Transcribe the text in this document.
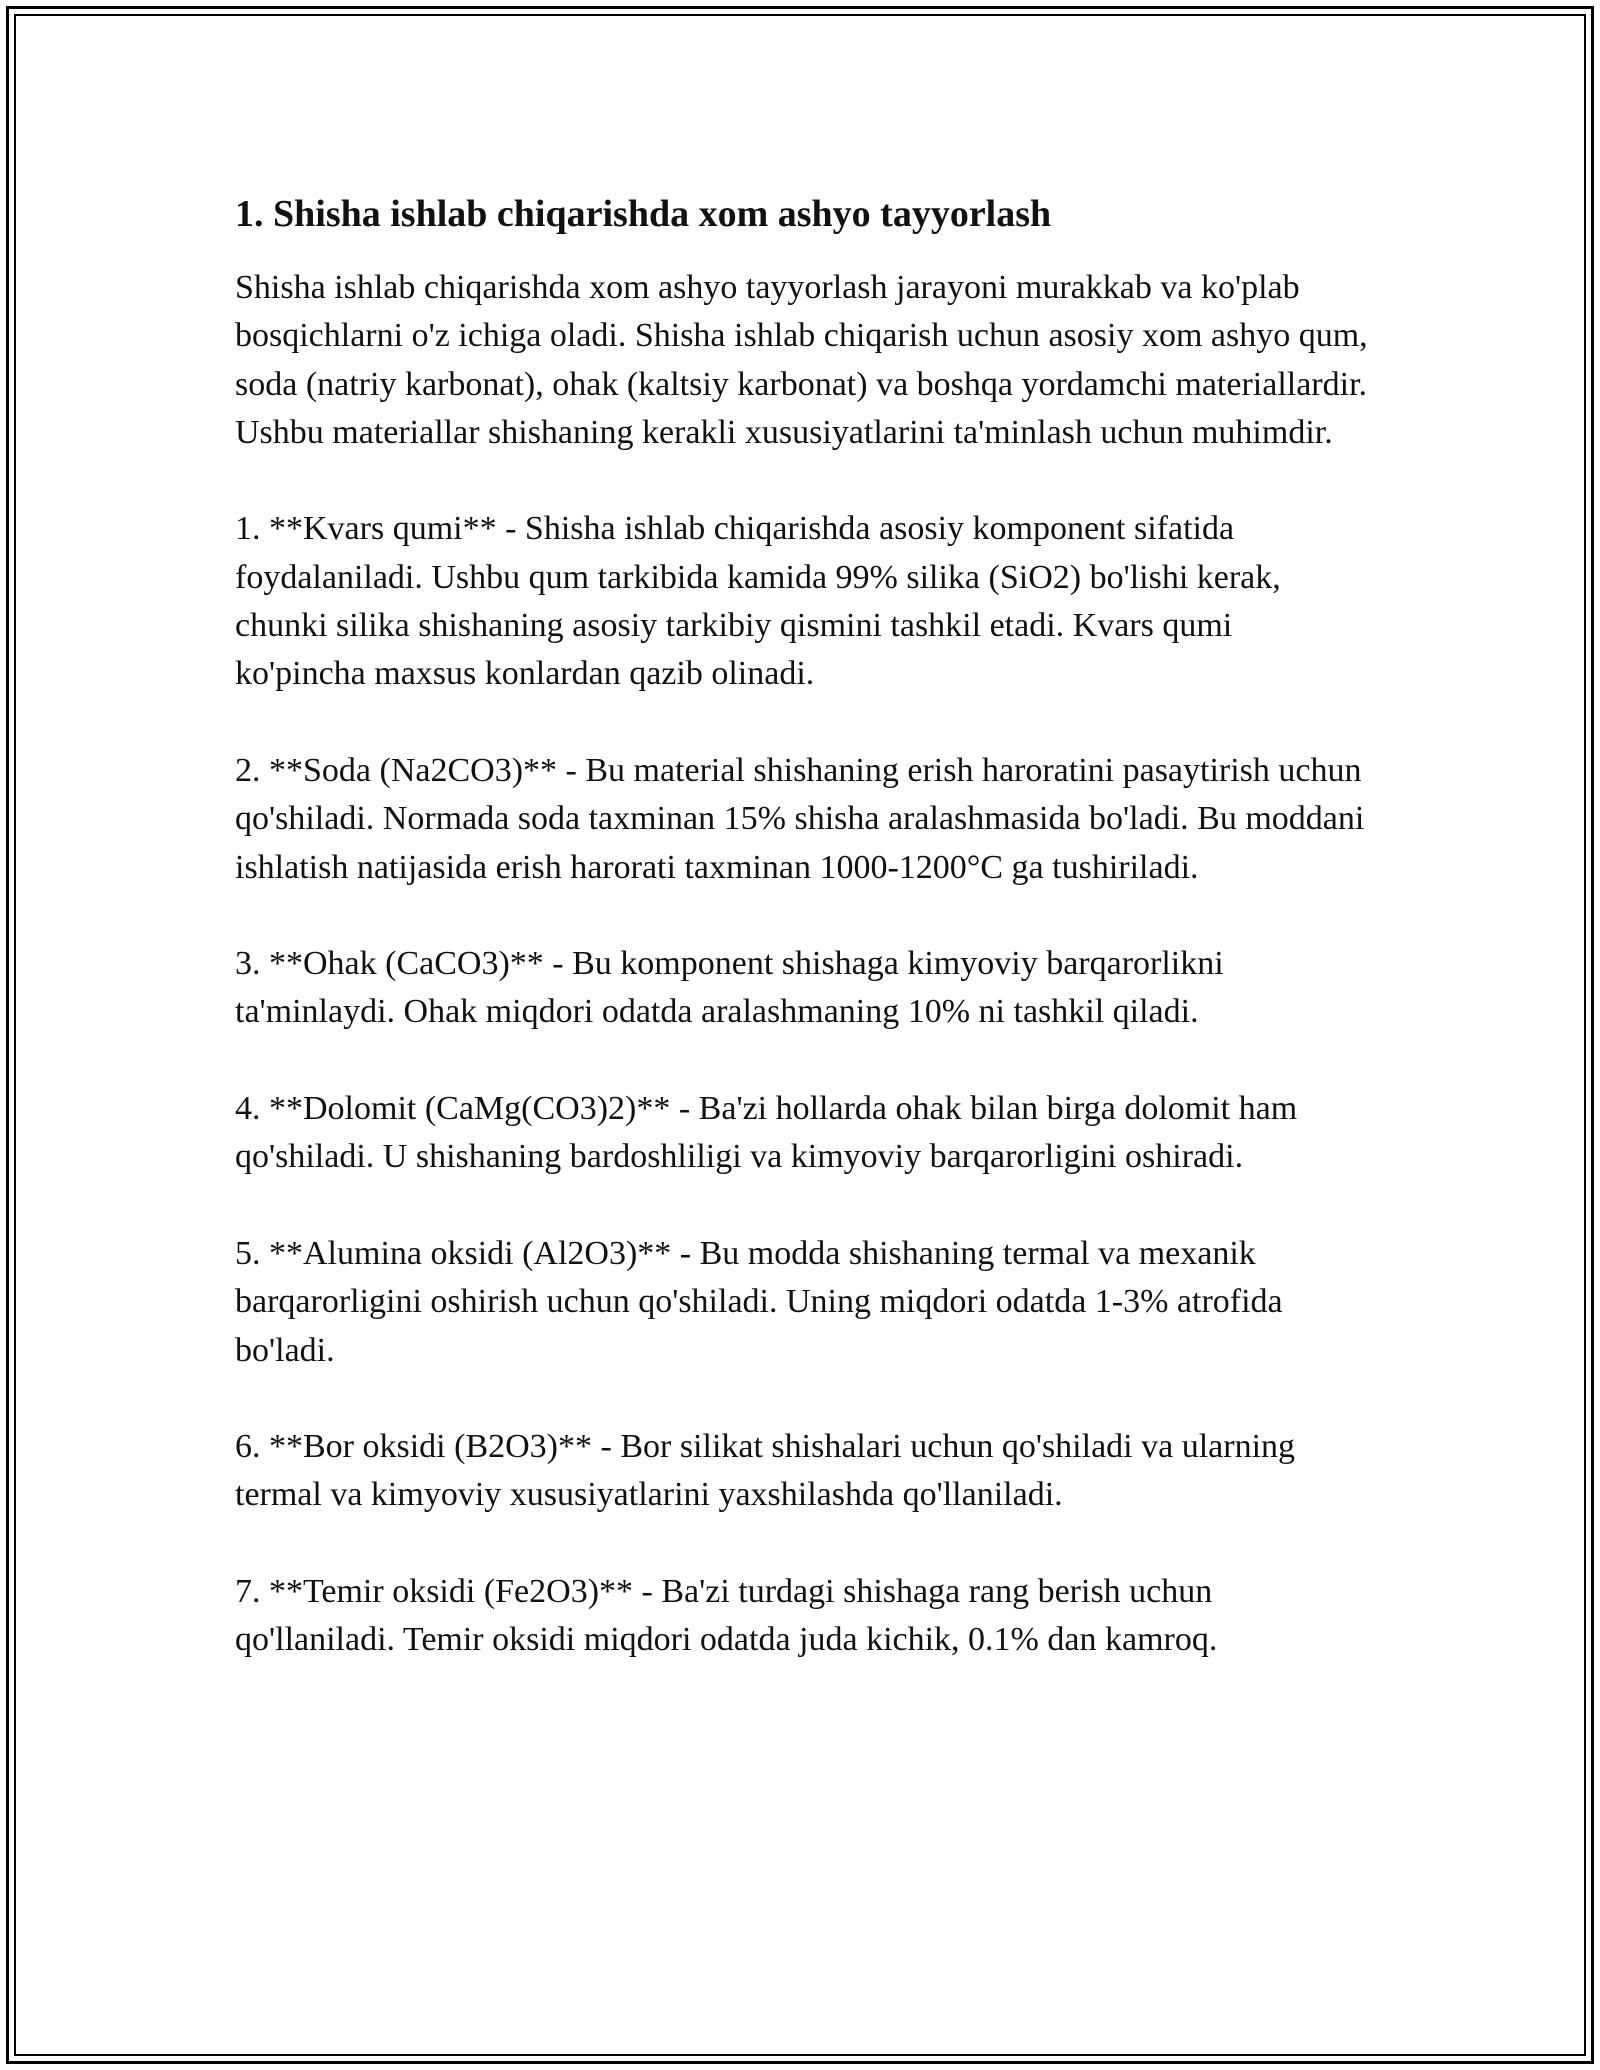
1. Shisha ishlab chiqarishda xom ashyo tayyorlash

Shisha ishlab chiqarishda xom ashyo tayyorlash jarayoni murakkab va ko'plab bosqichlarni o'z ichiga oladi. Shisha ishlab chiqarish uchun asosiy xom ashyo qum, soda (natriy karbonat), ohak (kaltsiy karbonat) va boshqa yordamchi materiallardir. Ushbu materiallar shishaning kerakli xususiyatlarini ta'minlash uchun muhimdir.

1. **Kvars qumi** - Shisha ishlab chiqarishda asosiy komponent sifatida foydalaniladi. Ushbu qum tarkibida kamida 99% silika (SiO2) bo'lishi kerak, chunki silika shishaning asosiy tarkibiy qismini tashkil etadi. Kvars qumi ko'pincha maxsus konlardan qazib olinadi.

2. **Soda (Na2CO3)** - Bu material shishaning erish haroratini pasaytirish uchun qo'shiladi. Normada soda taxminan 15% shisha aralashmasida bo'ladi. Bu moddani ishlatish natijasida erish harorati taxminan 1000-1200°C ga tushiriladi.

3. **Ohak (CaCO3)** - Bu komponent shishaga kimyoviy barqarorlikni ta'minlaydi. Ohak miqdori odatda aralashmaning 10% ni tashkil qiladi.

4. **Dolomit (CaMg(CO3)2)** - Ba'zi hollarda ohak bilan birga dolomit ham qo'shiladi. U shishaning bardoshliligi va kimyoviy barqarorligini oshiradi.

5. **Alumina oksidi (Al2O3)** - Bu modda shishaning termal va mexanik barqarorligini oshirish uchun qo'shiladi. Uning miqdori odatda 1-3% atrofida bo'ladi.

6. **Bor oksidi (B2O3)** - Bor silikat shishalari uchun qo'shiladi va ularning termal va kimyoviy xususiyatlarini yaxshilashda qo'llaniladi.

7. **Temir oksidi (Fe2O3)** - Ba'zi turdagi shishaga rang berish uchun qo'llaniladi. Temir oksidi miqdori odatda juda kichik, 0.1% dan kamroq.
